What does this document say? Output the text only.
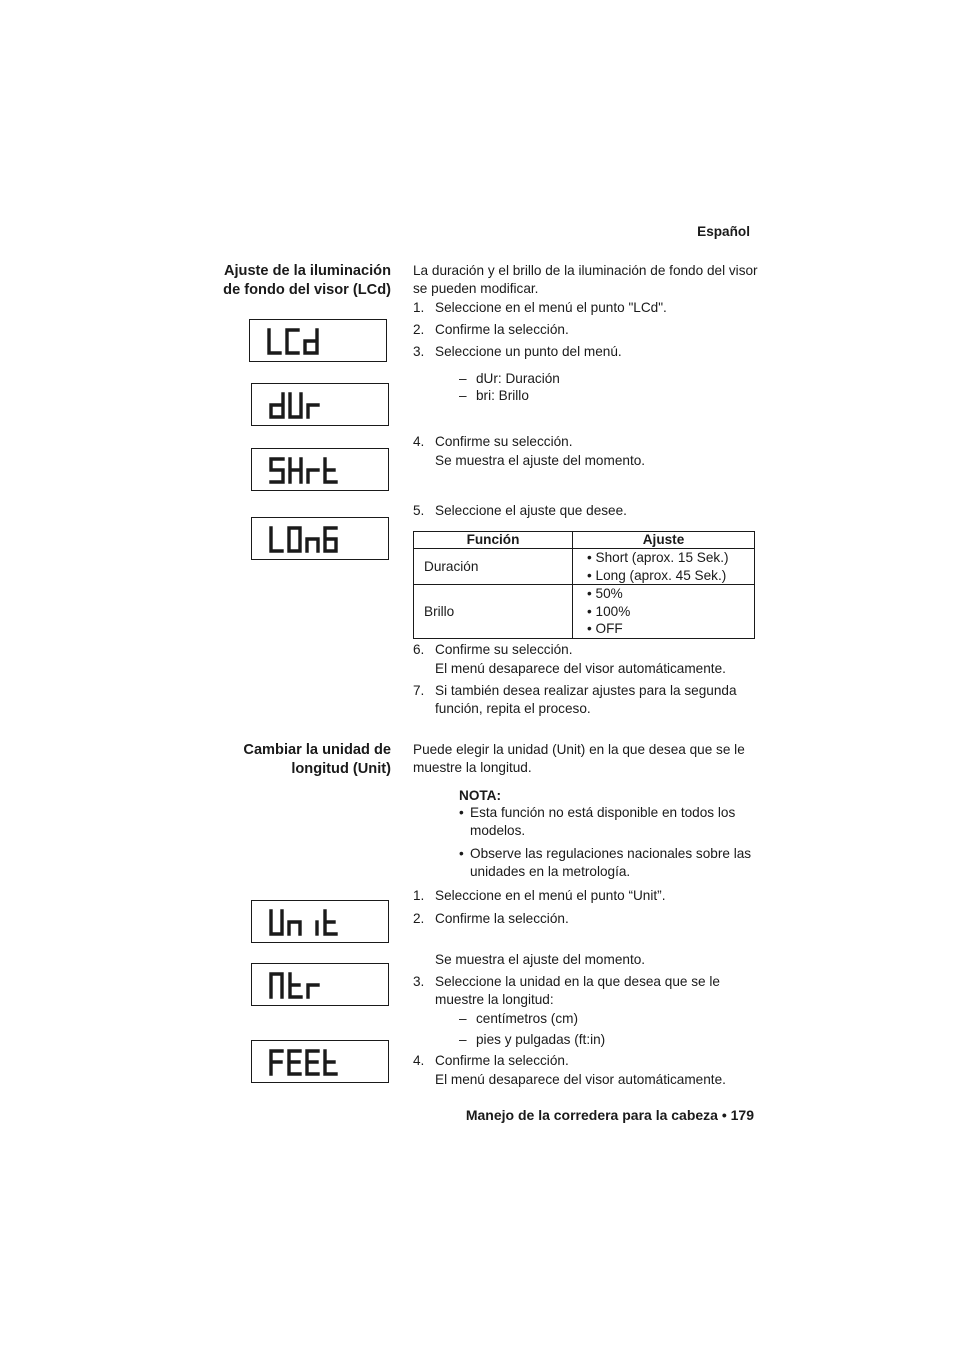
Español
Ajuste de la iluminación
de fondo del visor (LCd)
La duración y el brillo de la iluminación de fondo del visor se pueden modificar.
1. Seleccione en el menú el punto "LCd".
2. Confirme la selección.
3. Seleccione un punto del menú.
– dUr: Duración
– bri: Brillo
4. Confirme su selección.
Se muestra el ajuste del momento.
5. Seleccione el ajuste que desee.
Función	Ajuste
Duración	• Short (aprox. 15 Sek.)
• Long (aprox. 45 Sek.)

Brillo	• 50%
• 100%
• OFF
6. Confirme su selección.
El menú desaparece del visor automáticamente.
7. Si también desea realizar ajustes para la segunda función, repita el proceso.
Cambiar la unidad de
longitud (Unit)
Puede elegir la unidad (Unit) en la que desea que se le muestre la longitud.
NOTA:
• Esta función no está disponible en todos los modelos.
• Observe las regulaciones nacionales sobre las unidades en la metrología.
1. Seleccione en el menú el punto “Unit”.
2. Confirme la selección.
Se muestra el ajuste del momento.
3. Seleccione la unidad en la que desea que se le muestre la longitud:
– centímetros (cm)
– pies y pulgadas (ft:in)
4. Confirme la selección.
El menú desaparece del visor automáticamente.
Manejo de la corredera para la cabeza • 179
